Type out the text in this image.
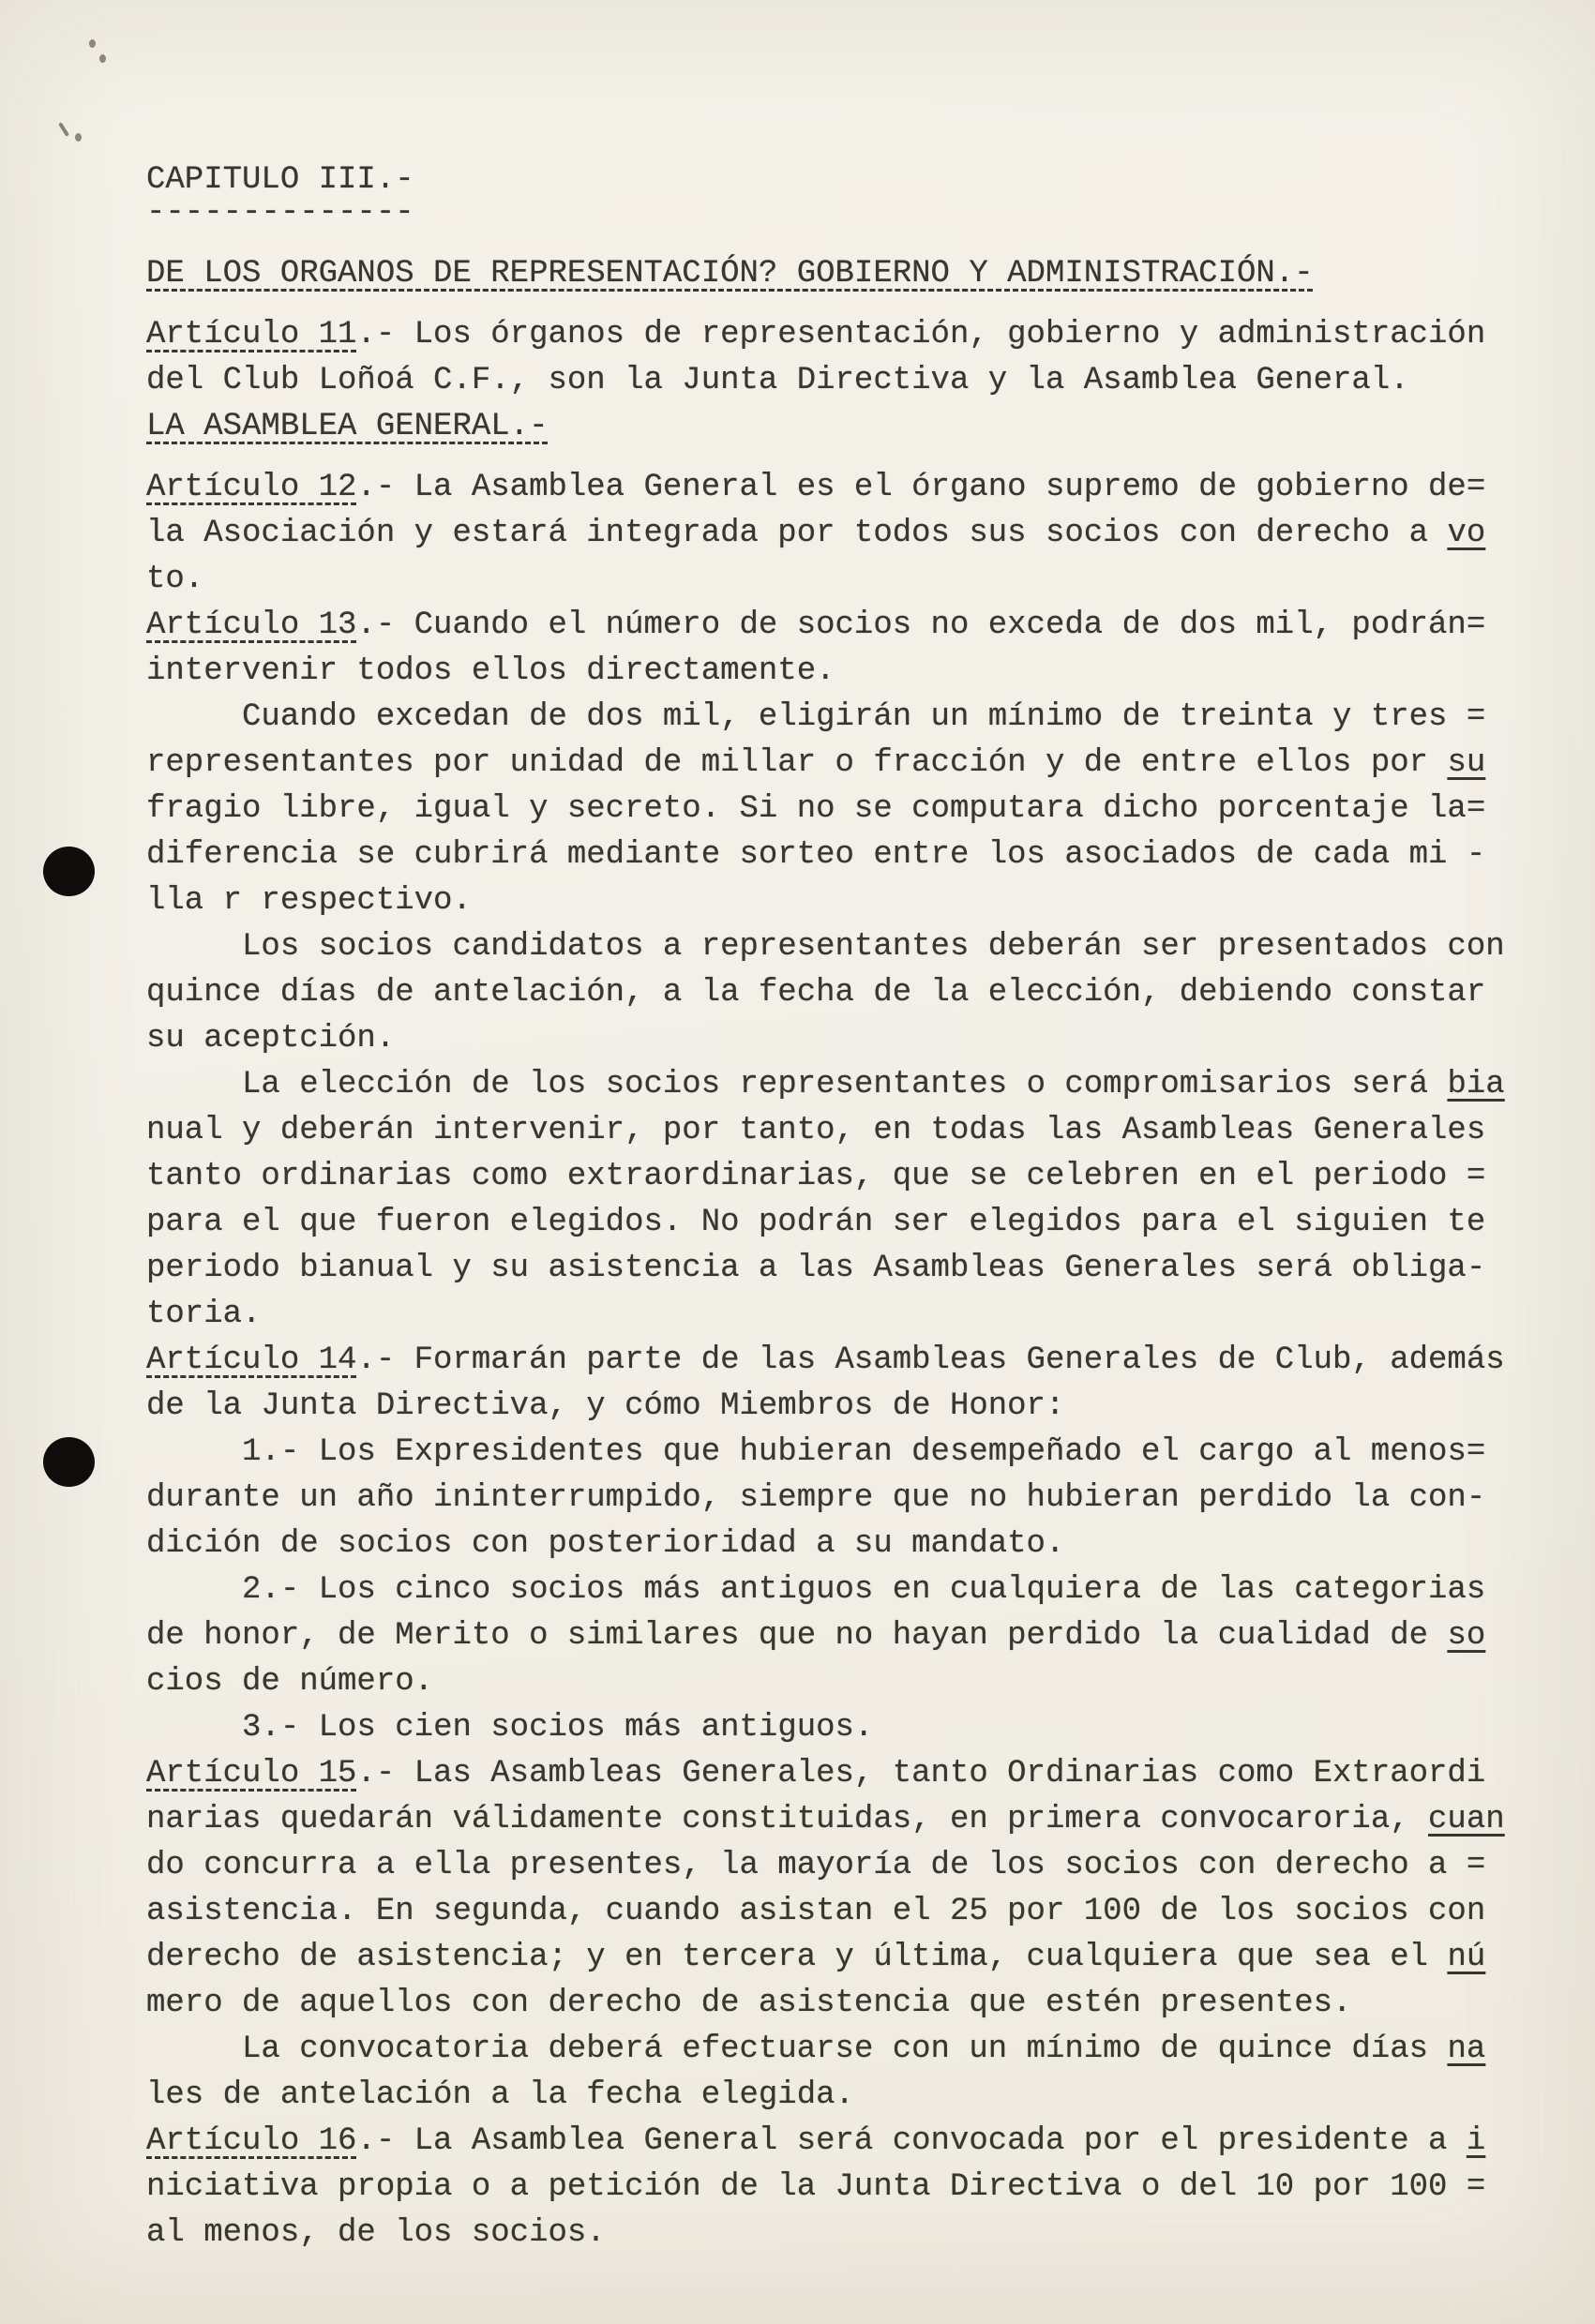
CAPITULO III.-
--------------
DE LOS ORGANOS DE REPRESENTACIÓN? GOBIERNO Y ADMINISTRACIÓN.-
Artículo 11.- Los órganos de representación, gobierno y administración
del Club Loñoá C.F., son la Junta Directiva y la Asamblea General.
LA ASAMBLEA GENERAL.-
Artículo 12.- La Asamblea General es el órgano supremo de gobierno de=
la Asociación y estará integrada por todos sus socios con derecho a vo
to.
Artículo 13.- Cuando el número de socios no exceda de dos mil, podrán=
intervenir todos ellos directamente.
Cuando excedan de dos mil, eligirán un mínimo de treinta y tres =
representantes por unidad de millar o fracción y de entre ellos por su
fragio libre, igual y secreto. Si no se computara dicho porcentaje la=
diferencia se cubrirá mediante sorteo entre los asociados de cada mi -
lla r respectivo.
Los socios candidatos a representantes deberán ser presentados con
quince días de antelación, a la fecha de la elección, debiendo constar
su aceptción.
La elección de los socios representantes o compromisarios será bia
nual y deberán intervenir, por tanto, en todas las Asambleas Generales
tanto ordinarias como extraordinarias, que se celebren en el periodo =
para el que fueron elegidos. No podrán ser elegidos para el siguien te
periodo bianual y su asistencia a las Asambleas Generales será obliga-
toria.
Artículo 14.- Formarán parte de las Asambleas Generales de Club, además
de la Junta Directiva, y cómo Miembros de Honor:
1.- Los Expresidentes que hubieran desempeñado el cargo al menos=
durante un año ininterrumpido, siempre que no hubieran perdido la con-
dición de socios con posterioridad a su mandato.
2.- Los cinco socios más antiguos en cualquiera de las categorias
de honor, de Merito o similares que no hayan perdido la cualidad de so
cios de número.
3.- Los cien socios más antiguos.
Artículo 15.- Las Asambleas Generales, tanto Ordinarias como Extraordi
narias quedarán válidamente constituidas, en primera convocaroria, cuan
do concurra a ella presentes, la mayoría de los socios con derecho a =
asistencia. En segunda, cuando asistan el 25 por 100 de los socios con
derecho de asistencia; y en tercera y última, cualquiera que sea el nú
mero de aquellos con derecho de asistencia que estén presentes.
La convocatoria deberá efectuarse con un mínimo de quince días na
les de antelación a la fecha elegida.
Artículo 16.- La Asamblea General será convocada por el presidente a i
niciativa propia o a petición de la Junta Directiva o del 10 por 100 =
al menos, de los socios.
